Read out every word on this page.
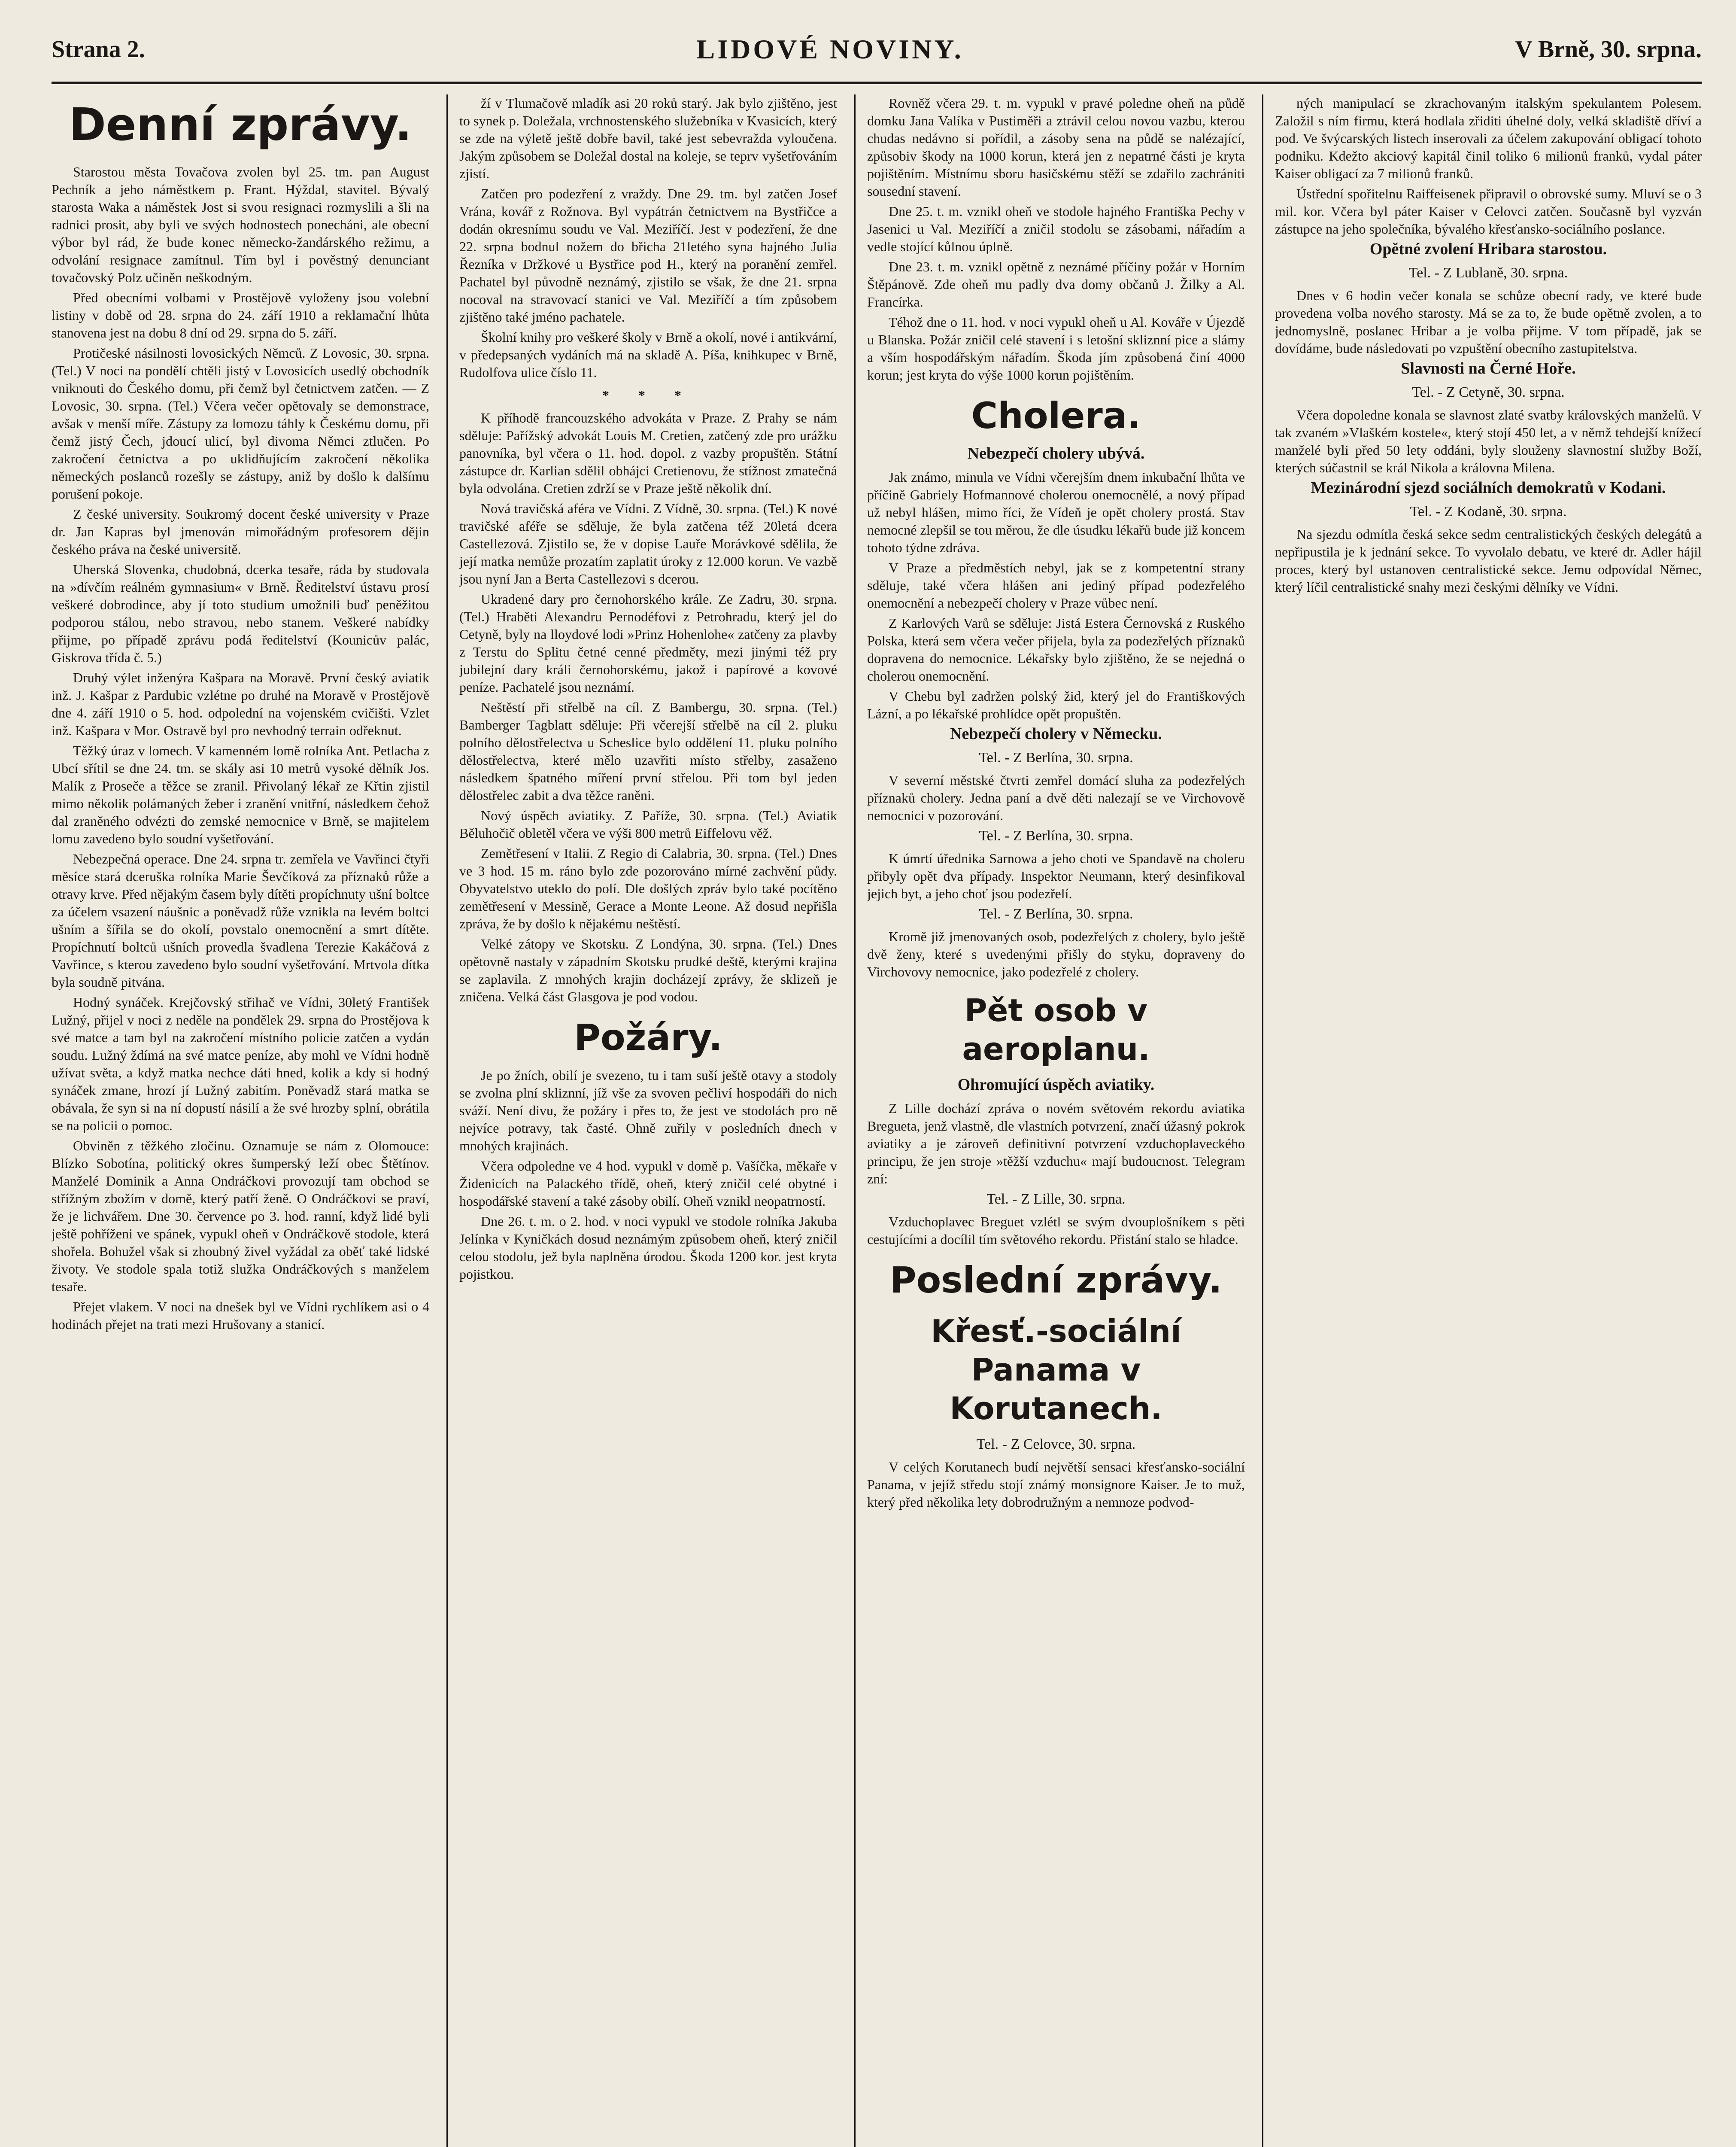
Strana 2.	LIDOVÉ NOVINY.	V Brně, 30. srpna.
Denní zprávy.

Starostou města Tovačova zvolen byl 25. tm. pan August Pechník a jeho náměstkem p. Frant. Hýždal, stavitel. Bývalý starosta Waka a náměstek Jost si svou resignaci rozmyslili a šli na radnici prosit, aby byli ve svých hodnostech ponecháni, ale obecní výbor byl rád, že bude konec německo-žandárského režimu, a odvolání resignace zamítnul. Tím byl i pověstný denunciant tovačovský Polz učiněn neškodným.

Před obecními volbami v Prostějově vyloženy jsou volební listiny v době od 28. srpna do 24. září 1910 a reklamační lhůta stanovena jest na dobu 8 dní od 29. srpna do 5. září.

Protičeské násilnosti lovosických Němců. Z Lovosic, 30. srpna. (Tel.) V noci na pondělí chtěli jistý v Lovosicích usedlý obchodník vniknouti do Českého domu, při čemž byl četnictvem zatčen. — Z Lovosic, 30. srpna. (Tel.) Včera večer opětovaly se demonstrace, avšak v menší míře. Zástupy za lomozu táhly k Českému domu, při čemž jistý Čech, jdoucí ulicí, byl divoma Němci ztlučen. Po zakročení četnictva a po uklidňujícím zakročení několika německých poslanců rozešly se zástupy, aniž by došlo k dalšímu porušení pokoje.

Z české university. Soukromý docent české university v Praze dr. Jan Kapras byl jmenován mimořádným profesorem dějin českého práva na české universitě.

Uherská Slovenka, chudobná, dcerka tesaře, ráda by studovala na »dívčím reálném gymnasium« v Brně. Ředitelství ústavu prosí veškeré dobrodince, aby jí toto studium umožnili buď peněžitou podporou stálou, nebo stravou, nebo stanem. Veškeré nabídky přijme, po případě zprávu podá ředitelství (Kounicův palác, Giskrova třída č. 5.)

Druhý výlet inženýra Kašpara na Moravě. První český aviatik inž. J. Kašpar z Pardubic vzlétne po druhé na Moravě v Prostějově dne 4. září 1910 o 5. hod. odpolední na vojenském cvičišti. Vzlet inž. Kašpara v Mor. Ostravě byl pro nevhodný terrain odřeknut.

Těžký úraz v lomech. V kamenném lomě rolníka Ant. Petlacha z Ubcí sřítil se dne 24. tm. se skály asi 10 metrů vysoké dělník Jos. Malík z Proseče a těžce se zranil. Přivolaný lékař ze Křtin zjistil mimo několik polámaných žeber i zranění vnitřní, následkem čehož dal zraněného odvézti do zemské nemocnice v Brně, se majitelem lomu zavedeno bylo soudní vyšetřování.

Nebezpečná operace. Dne 24. srpna tr. zemřela ve Vavřinci čtyři měsíce stará dceruška rolníka Marie Ševčíková za příznaků růže a otravy krve. Před nějakým časem byly dítěti propíchnuty ušní boltce za účelem vsazení náušnic a poněvadž růže vznikla na levém boltci ušním a šířila se do okolí, povstalo onemocnění a smrt dítěte. Propíchnutí boltců ušních provedla švadlena Terezie Kakáčová z Vavřince, s kterou zavedeno bylo soudní vyšetřování. Mrtvola dítka byla soudně pitvána.

Hodný synáček. Krejčovský střihač ve Vídni, 30letý František Lužný, přijel v noci z neděle na pondělek 29. srpna do Prostějova k své matce a tam byl na zakročení místního policie zatčen a vydán soudu. Lužný ždímá na své matce peníze, aby mohl ve Vídni hodně užívat světa, a když matka nechce dáti hned, kolik a kdy si hodný synáček zmane, hrozí jí Lužný zabitím. Poněvadž stará matka se obávala, že syn si na ní dopustí násilí a že své hrozby splní, obrátila se na policii o pomoc.

Obviněn z těžkého zločinu. Oznamuje se nám z Olomouce: Blízko Sobotína, politický okres šumperský leží obec Štětínov. Manželé Dominik a Anna Ondráčkovi provozují tam obchod se střížným zbožím v domě, který patří ženě. O Ondráčkovi se praví, že je lichvářem. Dne 30. července po 3. hod. ranní, když lidé byli ještě pohříženi ve spánek, vypukl oheň v Ondráčkově stodole, která shořela. Bohužel však si zhoubný živel vyžádal za oběť také lidské životy. Ve stodole spala totiž služka Ondráčkových s manželem tesaře.

Přejet vlakem. V noci na dnešek byl ve Vídni rychlíkem asi o 4 hodinách přejet na trati mezi Hrušovany a stanicí.

ží v Tlumačově mladík asi 20 roků starý. Jak bylo zjištěno, jest to synek p. Doležala, vrchnostenského služebníka v Kvasicích, který se zde na výletě ještě dobře bavil, také jest sebevražda vyloučena. Jakým způsobem se Doležal dostal na koleje, se teprv vyšetřováním zjistí.

Zatčen pro podezření z vraždy. Dne 29. tm. byl zatčen Josef Vrána, kovář z Rožnova. Byl vypátrán četnictvem na Bystřičce a dodán okresnímu soudu ve Val. Meziříčí. Jest v podezření, že dne 22. srpna bodnul nožem do břicha 21letého syna hajného Julia Řezníka v Držkové u Bystřice pod H., který na poranění zemřel. Pachatel byl původně neznámý, zjistilo se však, že dne 21. srpna nocoval na stravovací stanici ve Val. Meziříčí a tím způsobem zjištěno také jméno pachatele.

Školní knihy pro veškeré školy v Brně a okolí, nové i antikvární, v předepsaných vydáních má na skladě A. Píša, knihkupec v Brně, Rudolfova ulice číslo 11.

* * *

K příhodě francouzského advokáta v Praze. Z Prahy se nám sděluje: Pařížský advokát Louis M. Cretien, zatčený zde pro urážku panovníka, byl včera o 11. hod. dopol. z vazby propuštěn. Státní zástupce dr. Karlian sdělil obhájci Cretienovu, že stížnost zmatečná byla odvolána. Cretien zdrží se v Praze ještě několik dní.

Nová travičská aféra ve Vídni. Z Vídně, 30. srpna. (Tel.) K nové travičské aféře se sděluje, že byla zatčena též 20letá dcera Castellezová. Zjistilo se, že v dopise Lauře Morávkové sdělila, že její matka nemůže prozatím zaplatit úroky z 12.000 korun. Ve vazbě jsou nyní Jan a Berta Castellezovi s dcerou.

Ukradené dary pro černohorského krále. Ze Zadru, 30. srpna. (Tel.) Hraběti Alexandru Pernodéfovi z Petrohradu, který jel do Cetyně, byly na lloydové lodi »Prinz Hohenlohe« zatčeny za plavby z Terstu do Splitu četné cenné předměty, mezi jinými též pry jubilejní dary králi černohorskému, jakož i papírové a kovové peníze. Pachatelé jsou neznámí.

Neštěstí při střelbě na cíl. Z Bambergu, 30. srpna. (Tel.) Bamberger Tagblatt sděluje: Při včerejší střelbě na cíl 2. pluku polního dělostřelectva u Scheslice bylo oddělení 11. pluku polního dělostřelectva, které mělo uzavřiti místo střelby, zasaženo následkem špatného míření první střelou. Při tom byl jeden dělostřelec zabit a dva těžce raněni.

Nový úspěch aviatiky. Z Paříže, 30. srpna. (Tel.) Aviatik Běluhočič obletěl včera ve výši 800 metrů Eiffelovu věž.

Zemětřesení v Italii. Z Regio di Calabria, 30. srpna. (Tel.) Dnes ve 3 hod. 15 m. ráno bylo zde pozorováno mírné zachvění půdy. Obyvatelstvo uteklo do polí. Dle došlých zpráv bylo také pocítěno zemětřesení v Messině, Gerace a Monte Leone. Až dosud nepřišla zpráva, že by došlo k nějakému neštěstí.

Velké zátopy ve Skotsku. Z Londýna, 30. srpna. (Tel.) Dnes opětovně nastaly v západním Skotsku prudké deště, kterými krajina se zaplavila. Z mnohých krajin docházejí zprávy, že sklizeň je zničena. Velká část Glasgova je pod vodou.

Požáry.

Je po žních, obilí je svezeno, tu i tam suší ještě otavy a stodoly se zvolna plní skliznní, jíž vše za svoven pečliví hospodáři do nich sváží. Není divu, že požáry i přes to, že jest ve stodolách pro ně nejvíce potravy, tak časté. Ohně zuřily v posledních dnech v mnohých krajinách.

Včera odpoledne ve 4 hod. vypukl v domě p. Vašíčka, měkaře v Židenicích na Palackého třídě, oheň, který zničil celé obytné i hospodářské stavení a také zásoby obilí. Oheň vznikl neopatrností.

Dne 26. t. m. o 2. hod. v noci vypukl ve stodole rolníka Jakuba Jelínka v Kyničkách dosud neznámým způsobem oheň, který zničil celou stodolu, jež byla naplněna úrodou. Škoda 1200 kor. jest kryta pojistkou.

Rovněž včera 29. t. m. vypukl v pravé poledne oheň na půdě domku Jana Valíka v Pustiměři a ztrávil celou novou vazbu, kterou chudas nedávno si pořídil, a zásoby sena na půdě se nalézající, způsobiv škody na 1000 korun, která jen z nepatrné části je kryta pojištěním. Místnímu sboru hasičskému stěží se zdařilo zachrániti sousední stavení.

Dne 25. t. m. vznikl oheň ve stodole hajného Františka Pechy v Jasenici u Val. Meziříčí a zničil stodolu se zásobami, nářadím a vedle stojící kůlnou úplně.

Dne 23. t. m. vznikl opětně z neznámé příčiny požár v Horním Štěpánově. Zde oheň mu padly dva domy občanů J. Žilky a Al. Francírka.

Téhož dne o 11. hod. v noci vypukl oheň u Al. Kováře v Újezdě u Blanska. Požár zničil celé stavení i s letošní skliznní pice a slámy a vším hospodářským nářadím. Škoda jím způsobená činí 4000 korun; jest kryta do výše 1000 korun pojištěním.

Cholera.
Nebezpečí cholery ubývá.

Jak známo, minula ve Vídni včerejším dnem inkubační lhůta ve příčině Gabriely Hofmannové cholerou onemocnělé, a nový případ už nebyl hlášen, mimo říci, že Vídeň je opět cholery prostá. Stav nemocné zlepšil se tou měrou, že dle úsudku lékařů bude již koncem tohoto týdne zdráva.

V Praze a předměstích nebyl, jak se z kompetentní strany sděluje, také včera hlášen ani jediný případ podezřelého onemocnění a nebezpečí cholery v Praze vůbec není.

Z Karlových Varů se sděluje: Jistá Estera Černovská z Ruského Polska, která sem včera večer přijela, byla za podezřelých příznaků dopravena do nemocnice. Lékařsky bylo zjištěno, že se nejedná o cholerou onemocnění.

V Chebu byl zadržen polský žid, který jel do Františkových Lázní, a po lékařské prohlídce opět propuštěn.

Nebezpečí cholery v Německu.
Tel. - Z Berlína, 30. srpna.

V severní městské čtvrti zemřel domácí sluha za podezřelých příznaků cholery. Jedna paní a dvě děti nalezají se ve Virchovově nemocnici v pozorování.

Tel. - Z Berlína, 30. srpna.

K úmrtí úřednika Sarnowa a jeho choti ve Spandavě na choleru přibyly opět dva případy. Inspektor Neumann, který desinfikoval jejich byt, a jeho choť jsou podezřelí.

Tel. - Z Berlína, 30. srpna.

Kromě již jmenovaných osob, podezřelých z cholery, bylo ještě dvě ženy, které s uvedenými přišly do styku, dopraveny do Virchovovy nemocnice, jako podezřelé z cholery.

Pět osob v aeroplanu.
Ohromující úspěch aviatiky.

Z Lille dochází zpráva o novém světovém rekordu aviatika Bregueta, jenž vlastně, dle vlastních potvrzení, značí úžasný pokrok aviatiky a je zároveň definitivní potvrzení vzduchoplaveckého principu, že jen stroje »těžší vzduchu« mají budoucnost. Telegram zní:

Tel. - Z Lille, 30. srpna.

Vzduchoplavec Breguet vzlétl se svým dvouplošníkem s pěti cestujícími a docílil tím světového rekordu. Přistání stalo se hladce.

Poslední zprávy.
Křesť.-sociální Panama v Korutanech.
Tel. - Z Celovce, 30. srpna.

V celých Korutanech budí největší sensaci křesťansko-sociální Panama, v jejíž středu stojí známý monsignore Kaiser. Je to muž, který před několika lety dobrodružným a nemnoze podvod-

ných manipulací se zkrachovaným italským spekulantem Polesem. Založil s ním firmu, která hodlala zřiditi úhelné doly, velká skladiště dříví a pod. Ve švýcarských listech inserovali za účelem zakupování obligací tohoto podniku. Kdežto akciový kapitál činil toliko 6 milionů franků, vydal páter Kaiser obligací za 7 milionů franků.

Ústřední spořitelnu Raiffeisenek připravil o obrovské sumy. Mluví se o 3 mil. kor. Včera byl páter Kaiser v Celovci zatčen. Současně byl vyzván zástupce na jeho společníka, bývalého křesťansko-sociálního poslance.

Opětné zvolení Hribara starostou.
Tel. - Z Lublaně, 30. srpna.

Dnes v 6 hodin večer konala se schůze obecní rady, ve které bude provedena volba nového starosty. Má se za to, že bude opětně zvolen, a to jednomyslně, poslanec Hribar a je volba přijme. V tom případě, jak se dovídáme, bude následovati po vzpuštění obecního zastupitelstva.

Slavnosti na Černé Hoře.
Tel. - Z Cetyně, 30. srpna.

Včera dopoledne konala se slavnost zlaté svatby královských manželů. V tak zvaném »Vlaškém kostele«, který stojí 450 let, a v němž tehdejší knížecí manželé byli před 50 lety oddáni, byly slouženy slavnostní služby Boží, kterých súčastnil se král Nikola a královna Milena.

Mezinárodní sjezd sociálních demokratů v Kodani.
Tel. - Z Kodaně, 30. srpna.

Na sjezdu odmítla česká sekce sedm centralistických českých delegátů a nepřipustila je k jednání sekce. To vyvolalo debatu, ve které dr. Adler hájil proces, který byl ustanoven centralistické sekce. Jemu odpovídal Němec, který líčil centralistické snahy mezi českými dělníky ve Vídni.
